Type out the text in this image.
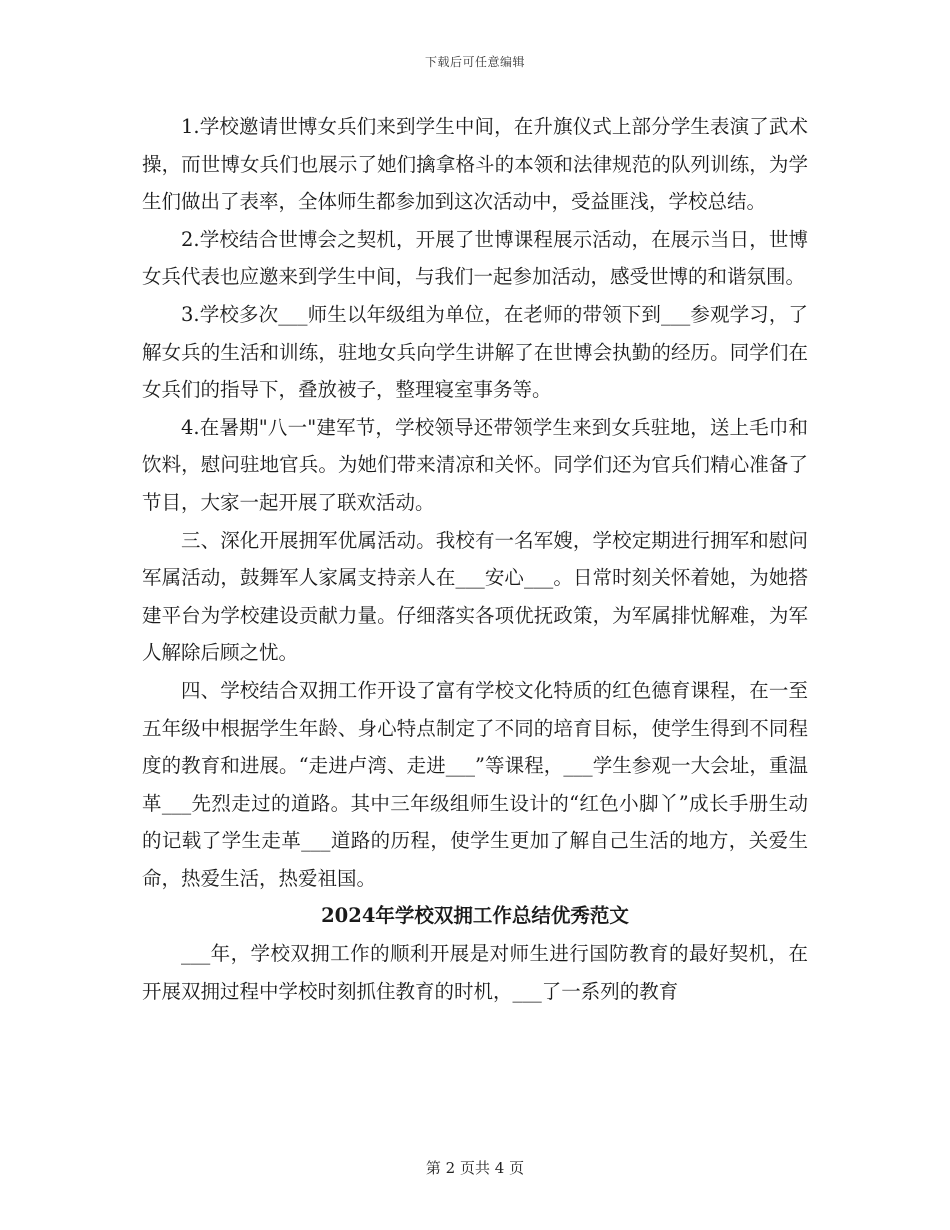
下载后可任意编辑

1.学校邀请世博女兵们来到学生中间，在升旗仪式上部分学生表演了武术操，而世博女兵们也展示了她们擒拿格斗的本领和法律规范的队列训练，为学生们做出了表率，全体师生都参加到这次活动中，受益匪浅，学校总结。

2.学校结合世博会之契机，开展了世博课程展示活动，在展示当日，世博女兵代表也应邀来到学生中间，与我们一起参加活动，感受世博的和谐氛围。

3.学校多次___师生以年级组为单位，在老师的带领下到___参观学习，了解女兵的生活和训练，驻地女兵向学生讲解了在世博会执勤的经历。同学们在女兵们的指导下，叠放被子，整理寝室事务等。

4.在暑期"八一"建军节，学校领导还带领学生来到女兵驻地，送上毛巾和饮料，慰问驻地官兵。为她们带来清凉和关怀。同学们还为官兵们精心准备了节目，大家一起开展了联欢活动。

三、深化开展拥军优属活动。我校有一名军嫂，学校定期进行拥军和慰问军属活动，鼓舞军人家属支持亲人在___安心___。日常时刻关怀着她，为她搭建平台为学校建设贡献力量。仔细落实各项优抚政策，为军属排忧解难，为军人解除后顾之忧。

四、学校结合双拥工作开设了富有学校文化特质的红色德育课程，在一至五年级中根据学生年龄、身心特点制定了不同的培育目标，使学生得到不同程度的教育和进展。“走进卢湾、走进___”等课程，___学生参观一大会址，重温革___先烈走过的道路。其中三年级组师生设计的“红色小脚丫”成长手册生动的记载了学生走革___道路的历程，使学生更加了解自己生活的地方，关爱生命，热爱生活，热爱祖国。

2024年学校双拥工作总结优秀范文

___年，学校双拥工作的顺利开展是对师生进行国防教育的最好契机，在开展双拥过程中学校时刻抓住教育的时机，___了一系列的教育

第 2 页共 4 页
